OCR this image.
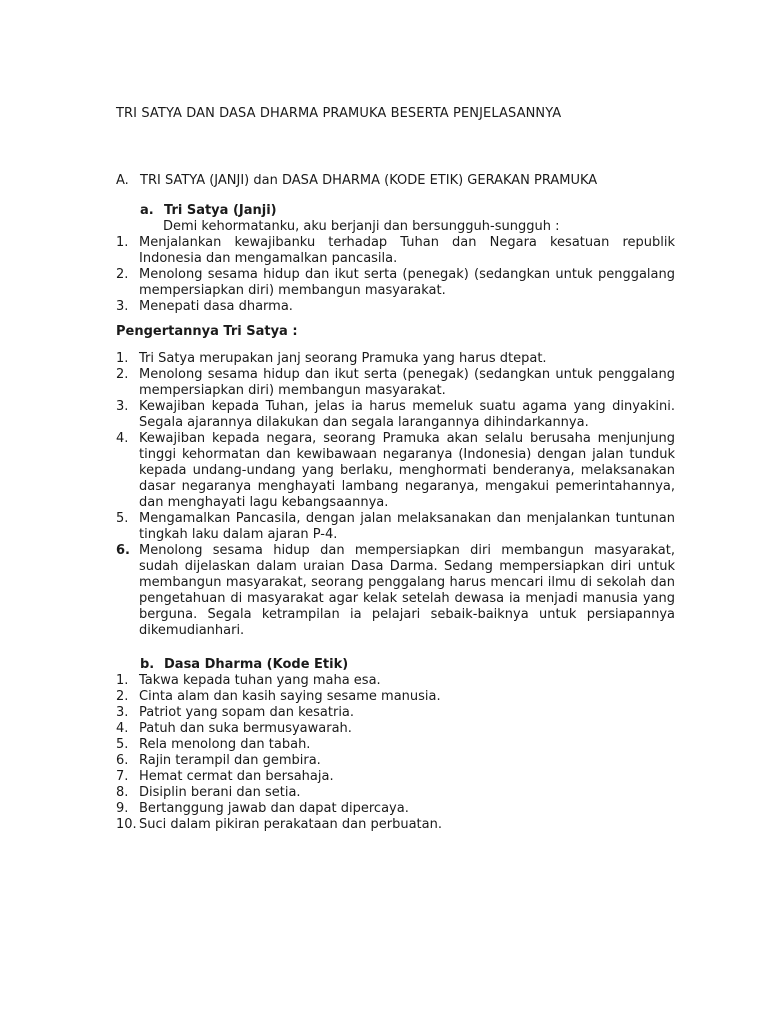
TRI SATYA DAN DASA DHARMA PRAMUKA BESERTA PENJELASANNYA
A. TRI SATYA (JANJI) dan DASA DHARMA (KODE ETIK) GERAKAN PRAMUKA
a. Tri Satya (Janji)
Demi kehormatanku, aku berjanji dan bersungguh-sungguh :
1. Menjalankan kewajibanku terhadap Tuhan dan Negara kesatuan republik Indonesia dan mengamalkan pancasila.
2. Menolong sesama hidup dan ikut serta (penegak) (sedangkan untuk penggalang mempersiapkan diri) membangun masyarakat.
3. Menepati dasa dharma.
Pengertannya Tri Satya :
1. Tri Satya merupakan janj seorang Pramuka yang harus dtepat.
2. Menolong sesama hidup dan ikut serta (penegak) (sedangkan untuk penggalang mempersiapkan diri) membangun masyarakat.
3. Kewajiban kepada Tuhan, jelas ia harus memeluk suatu agama yang dinyakini. Segala ajarannya dilakukan dan segala larangannya dihindarkannya.
4. Kewajiban kepada negara, seorang Pramuka akan selalu berusaha menjunjung tinggi kehormatan dan kewibawaan negaranya (Indonesia) dengan jalan tunduk kepada undang-undang yang berlaku, menghormati benderanya, melaksanakan dasar negaranya menghayati lambang negaranya, mengakui pemerintahannya, dan menghayati lagu kebangsaannya.
5. Mengamalkan Pancasila, dengan jalan melaksanakan dan menjalankan tuntunan tingkah laku dalam ajaran P-4.
6. Menolong sesama hidup dan mempersiapkan diri membangun masyarakat, sudah dijelaskan dalam uraian Dasa Darma. Sedang mempersiapkan diri untuk membangun masyarakat, seorang penggalang harus mencari ilmu di sekolah dan pengetahuan di masyarakat agar kelak setelah dewasa ia menjadi manusia yang berguna. Segala ketrampilan ia pelajari sebaik-baiknya untuk persiapannya dikemudianhari.
b. Dasa Dharma (Kode Etik)
1. Takwa kepada tuhan yang maha esa.
2. Cinta alam dan kasih saying sesame manusia.
3. Patriot yang sopam dan kesatria.
4. Patuh dan suka bermusyawarah.
5. Rela menolong dan tabah.
6. Rajin terampil dan gembira.
7. Hemat cermat dan bersahaja.
8. Disiplin berani dan setia.
9. Bertanggung jawab dan dapat dipercaya.
10. Suci dalam pikiran perakataan dan perbuatan.
